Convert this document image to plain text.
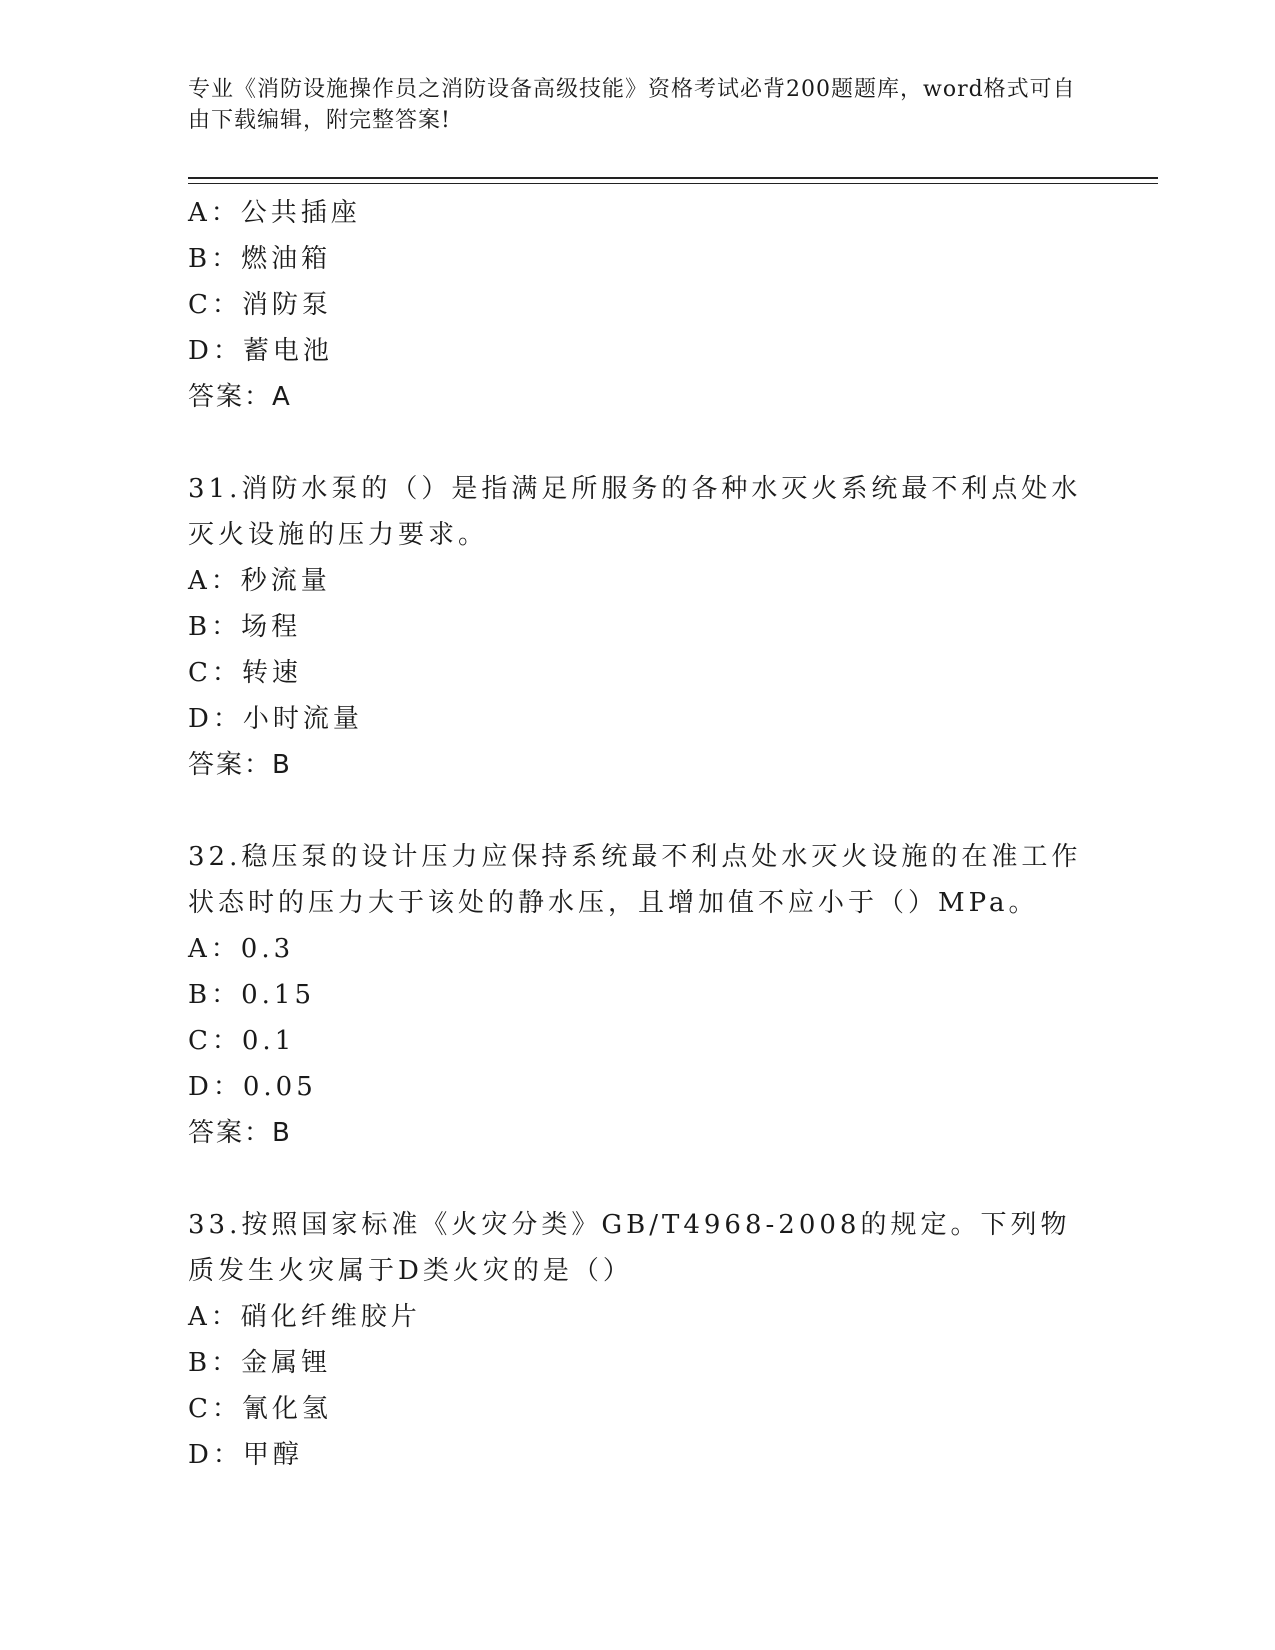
专业《消防设施操作员之消防设备高级技能》资格考试必背200题题库，word格式可自由下载编辑，附完整答案!
A：公共插座
B：燃油箱
C：消防泵
D：蓄电池
答案：A
31.消防水泵的（）是指满足所服务的各种水灭火系统最不利点处水灭火设施的压力要求。
A：秒流量
B：场程
C：转速
D：小时流量
答案：B
32.稳压泵的设计压力应保持系统最不利点处水灭火设施的在准工作状态时的压力大于该处的静水压，且增加值不应小于（）MPa。
A：0.3
B：0.15
C：0.1
D：0.05
答案：B
33.按照国家标准《火灾分类》GB/T4968-2008的规定。下列物质发生火灾属于D类火灾的是（）
A：硝化纤维胶片
B：金属锂
C：氰化氢
D：甲醇
